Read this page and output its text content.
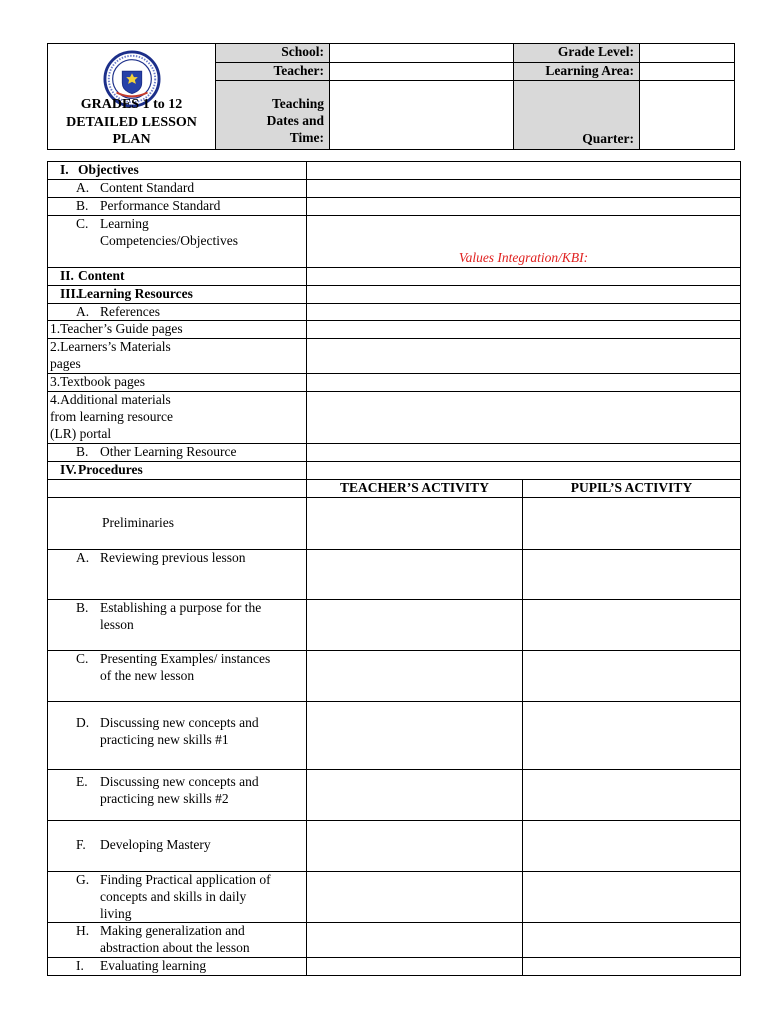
GRADES 1 to 12
DETAILED LESSON
PLAN	School:		Grade Level:	
	Teacher:		Learning Area:	

	Teaching
Dates and
Time:		Quarter:	
I. Objectives		

A. Content Standard		

B. Performance Standard		

C. Learning
Competencies/Objectives	Values Integration/KBI:	
II. Content		
III.Learning Resources		

A. References		

1.Teacher’s Guide pages		

2.Learners’s Materials
pages		

3.Textbook pages		

4.Additional materials
from learning resource
(LR) portal		

B. Other Learning Resource		

IV.Procedures		
	TEACHER’S ACTIVITY	PUPIL’S ACTIVITY

Preliminaries		

A. Reviewing previous lesson		

B. Establishing a purpose for the
lesson		

C. Presenting Examples/ instances
of the new lesson		

D. Discussing new concepts and
practicing new skills #1		

E. Discussing new concepts and
practicing new skills #2		

F. Developing Mastery		

G. Finding Practical application of
concepts and skills in daily
living		

H. Making generalization and
abstraction about the lesson		

I. Evaluating learning		
